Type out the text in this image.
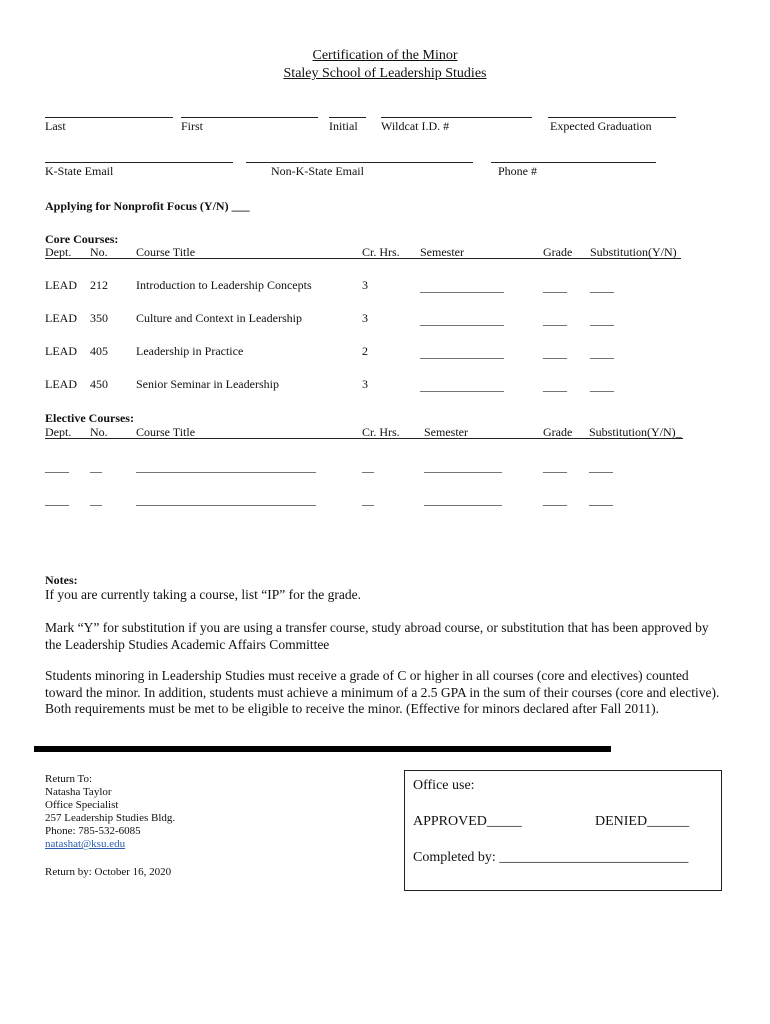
Certification of the Minor
Staley School of Leadership Studies
Last	First	Initial Wildcat I.D. #	Expected Graduation
K-State Email	Non-K-State Email	Phone #
Applying for Nonprofit Focus (Y/N) ___
Core Courses:
Dept. No. Course Title	Cr. Hrs. Semester	Grade Substitution(Y/N)
LEAD 212 Introduction to Leadership Concepts	3	______________	____ ____
LEAD 350 Culture and Context in Leadership	3	______________	____ ____
LEAD 405 Leadership in Practice	2	______________	____ ____
LEAD 450 Senior Seminar in Leadership	3	______________	____ ____
Elective Courses:
Dept. No. Course Title	Cr. Hrs. Semester	Grade Substitution(Y/N)_
____ __	______________________________	__	_____________	____ ____
____ __	______________________________	__	_____________	____ ____
Notes:
If you are currently taking a course, list “IP” for the grade.
Mark “Y” for substitution if you are using a transfer course, study abroad course, or substitution that has been approved by the Leadership Studies Academic Affairs Committee
Students minoring in Leadership Studies must receive a grade of C or higher in all courses (core and electives) counted toward the minor. In addition, students must achieve a minimum of a 2.5 GPA in the sum of their courses (core and elective). Both requirements must be met to be eligible to receive the minor. (Effective for minors declared after Fall 2011).
Return To:
Natasha Taylor
Office Specialist
257 Leadership Studies Bldg.
Phone: 785-532-6085
natashat@ksu.edu
Return by: October 16, 2020
Office use:
APPROVED_____	DENIED______
Completed by: ___________________________
